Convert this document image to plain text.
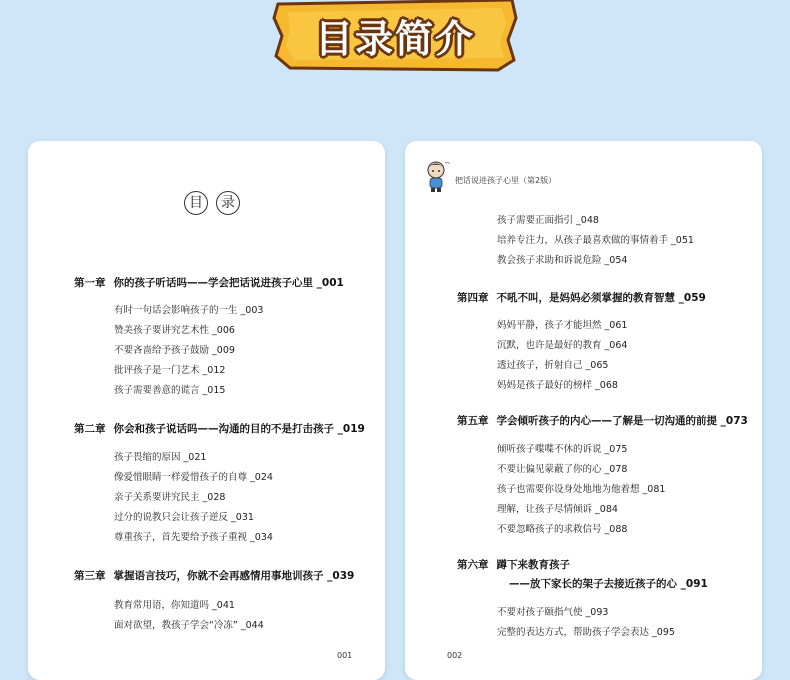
目录简介
目	录
第一章 你的孩子听话吗——学会把话说进孩子心里 _001
有时一句话会影响孩子的一生 _003
赞美孩子要讲究艺术性 _006
不要吝啬给予孩子鼓励 _009
批评孩子是一门艺术 _012
孩子需要善意的谎言 _015
第二章 你会和孩子说话吗——沟通的目的不是打击孩子 _019
孩子畏缩的原因 _021
像爱惜眼睛一样爱惜孩子的自尊 _024
亲子关系要讲究民主 _028
过分的说教只会让孩子逆反 _031
尊重孩子，首先要给予孩子重视 _034
第三章 掌握语言技巧，你就不会再感情用事地训孩子 _039
教育常用语，你知道吗 _041
面对欲望，教孩子学会“冷冻” _044
001
把话说进孩子心里（第2版）
孩子需要正面指引 _048
培养专注力，从孩子最喜欢做的事情着手 _051
教会孩子求助和诉说危险 _054
第四章 不吼不叫，是妈妈必须掌握的教育智慧 _059
妈妈平静，孩子才能坦然 _061
沉默，也许是最好的教育 _064
透过孩子，折射自己 _065
妈妈是孩子最好的榜样 _068
第五章 学会倾听孩子的内心——了解是一切沟通的前提 _073
倾听孩子喋喋不休的诉说 _075
不要让偏见蒙蔽了你的心 _078
孩子也需要你设身处地地为他着想 _081
理解，让孩子尽情倾诉 _084
不要忽略孩子的求救信号 _088
第六章 蹲下来教育孩子
——放下家长的架子去接近孩子的心 _091
不要对孩子颐指气使 _093
完整的表达方式，帮助孩子学会表达 _095
002
